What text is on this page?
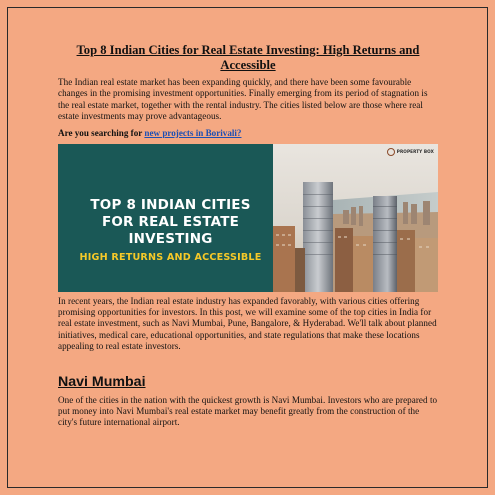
Top 8 Indian Cities for Real Estate Investing: High Returns and Accessible

The Indian real estate market has been expanding quickly, and there have been some favourable changes in the promising investment opportunities. Finally emerging from its period of stagnation is the real estate market, together with the rental industry. The cities listed below are those where real estate investments may prove advantageous.

Are you searching for new projects in Borivali?

PROPERTY BOX
TOP 8 INDIAN CITIES
FOR REAL ESTATE INVESTING
HIGH RETURNS AND ACCESSIBLE

In recent years, the Indian real estate industry has expanded favorably, with various cities offering promising opportunities for investors. In this post, we will examine some of the top cities in India for real estate investment, such as Navi Mumbai, Pune, Bangalore, & Hyderabad. We'll talk about planned initiatives, medical care, educational opportunities, and state regulations that make these locations appealing to real estate investors.

Navi Mumbai

One of the cities in the nation with the quickest growth is Navi Mumbai. Investors who are prepared to put money into Navi Mumbai's real estate market may benefit greatly from the construction of the city's future international airport.
